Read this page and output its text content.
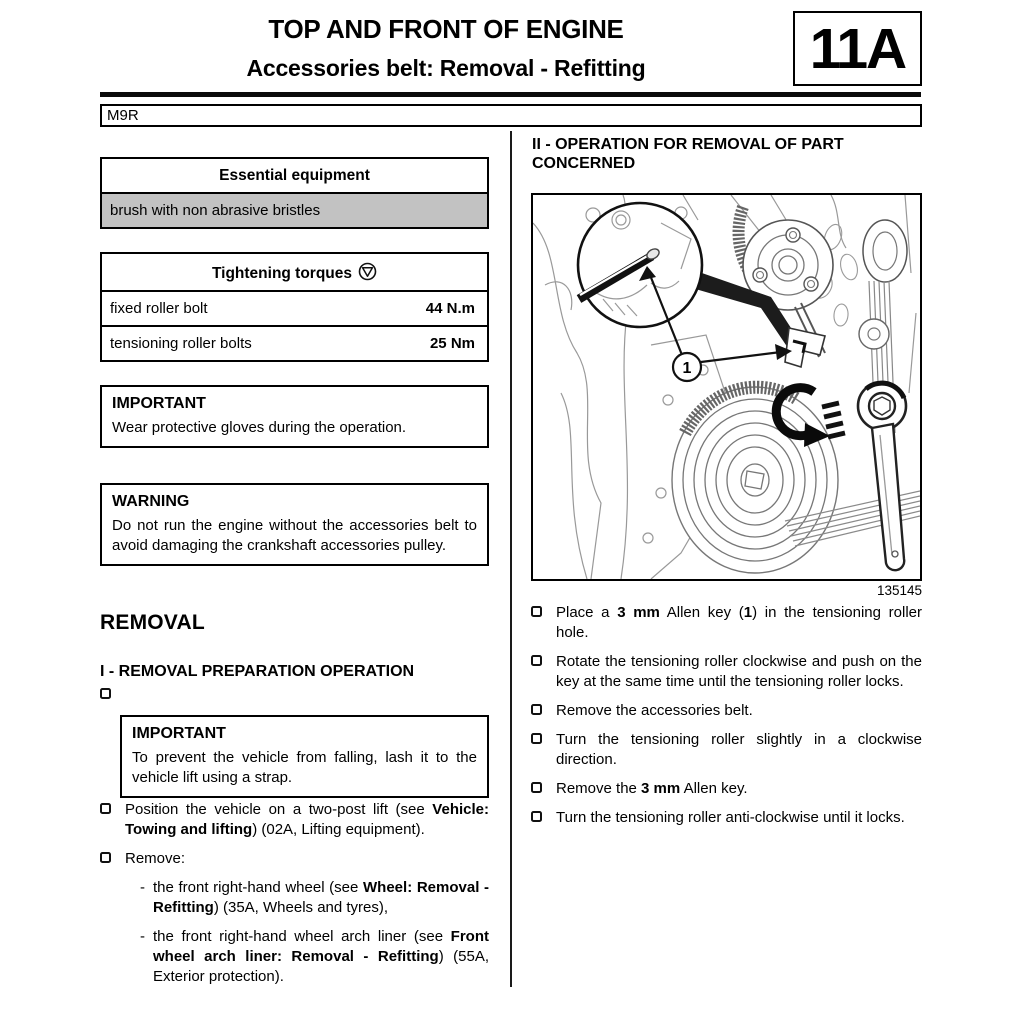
TOP AND FRONT OF ENGINE
Accessories belt: Removal - Refitting	11A
M9R
Essential equipment
brush with non abrasive bristles
Tightening torques
fixed roller bolt	44 N.m
tensioning roller bolts	25 Nm
IMPORTANT
Wear protective gloves during the operation.
WARNING
Do not run the engine without the accessories belt to avoid damaging the crankshaft accessories pulley.
REMOVAL
I - REMOVAL PREPARATION OPERATION
IMPORTANT
To prevent the vehicle from falling, lash it to the vehicle lift using a strap.
Position the vehicle on a two-post lift (see Vehicle: Towing and lifting) (02A, Lifting equipment).
Remove:
- the front right-hand wheel (see Wheel: Removal - Refitting) (35A, Wheels and tyres),
- the front right-hand wheel arch liner (see Front wheel arch liner: Removal - Refitting) (55A, Exterior protection).
II - OPERATION FOR REMOVAL OF PART CONCERNED
1
135145
Place a 3 mm Allen key (1) in the tensioning roller hole.
Rotate the tensioning roller clockwise and push on the key at the same time until the tensioning roller locks.
Remove the accessories belt.
Turn the tensioning roller slightly in a clockwise direction.
Remove the 3 mm Allen key.
Turn the tensioning roller anti-clockwise until it locks.
